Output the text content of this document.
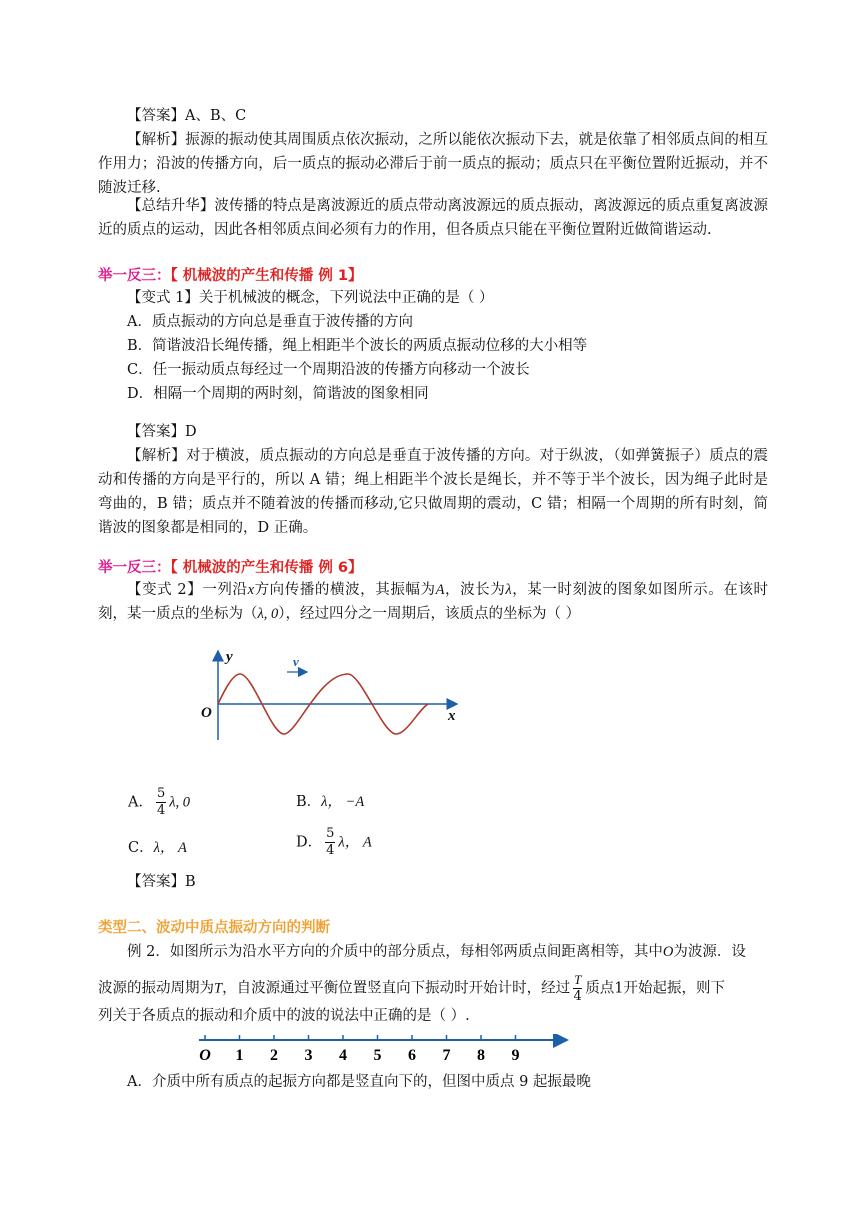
【答案】A、B、C

【解析】振源的振动使其周围质点依次振动，之所以能依次振动下去，就是依靠了相邻质点间的相互作用力；沿波的传播方向，后一质点的振动必滞后于前一质点的振动；质点只在平衡位置附近振动，并不随波迁移.

【总结升华】波传播的特点是离波源近的质点带动离波源远的质点振动，离波源远的质点重复离波源近的质点的运动，因此各相邻质点间必须有力的作用，但各质点只能在平衡位置附近做简谐运动.

举一反三：【 机械波的产生和传播 例 1】

【变式 1】关于机械波的概念，下列说法中正确的是（ ）

A．质点振动的方向总是垂直于波传播的方向

B．简谐波沿长绳传播，绳上相距半个波长的两质点振动位移的大小相等

C．任一振动质点每经过一个周期沿波的传播方向移动一个波长

D．相隔一个周期的两时刻，简谐波的图象相同

【答案】D

【解析】对于横波，质点振动的方向总是垂直于波传播的方向。对于纵波，（如弹簧振子）质点的震动和传播的方向是平行的，所以 A 错；绳上相距半个波长是绳长，并不等于半个波长，因为绳子此时是弯曲的，B 错；质点并不随着波的传播而移动,它只做周期的震动，C 错；相隔一个周期的所有时刻，简谐波的图象都是相同的，D 正确。

举一反三：【 机械波的产生和传播 例 6】

【变式 2】一列沿x方向传播的横波，其振幅为A，波长为λ，某一时刻波的图象如图所示。在该时刻，某一质点的坐标为（λ, 0），经过四分之一周期后，该质点的坐标为（ ）

y	v
O	x
A． $\frac{5}{4} \lambda$, 0	B．λ， −A
C．λ， A	D． $\frac{5}{4}$ λ， A

【答案】B

类型二、波动中质点振动方向的判断

例 2．如图所示为沿水平方向的介质中的部分质点，每相邻两质点间距离相等，其中O为波源．设

波源的振动周期为T，自波源通过平衡位置竖直向下振动时开始计时，经过 $\frac{T}{4}$ 质点1开始起振，则下

列关于各质点的振动和介质中的波的说法中正确的是（ ）.

O 1 2 3 4 5 6 7 8 9

A．介质中所有质点的起振方向都是竖直向下的，但图中质点 9 起振最晚
